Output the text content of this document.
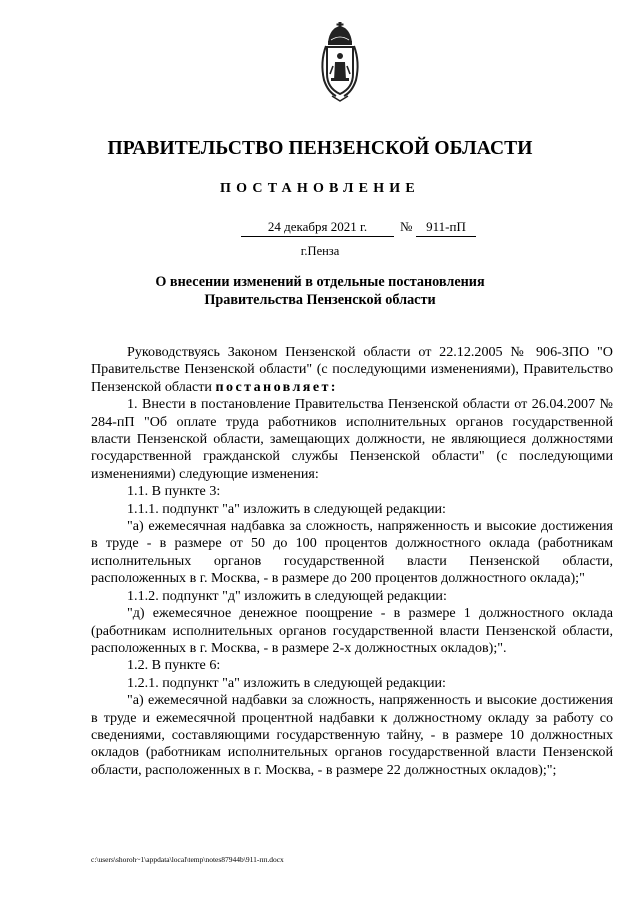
ПРАВИТЕЛЬСТВО ПЕНЗЕНСКОЙ ОБЛАСТИ
ПОСТАНОВЛЕНИЕ
24 декабря 2021 г.	№	911-пП
г.Пенза
О внесении изменений в отдельные постановления
Правительства Пензенской области

Руководствуясь Законом Пензенской области от 22.12.2005 № 906-ЗПО "О Правительстве Пензенской области" (с последующими изменениями), Правительство Пензенской области постановляет:

1. Внести в постановление Правительства Пензенской области от 26.04.2007 № 284-пП "Об оплате труда работников исполнительных органов государственной власти Пензенской области, замещающих должности, не являющиеся должностями государственной гражданской службы Пензенской области" (с последующими изменениями) следующие изменения:

1.1. В пункте 3:

1.1.1. подпункт "а" изложить в следующей редакции:

"а) ежемесячная надбавка за сложность, напряженность и высокие достижения в труде - в размере от 50 до 100 процентов должностного оклада (работникам исполнительных органов государственной власти Пензенской области, расположенных в г. Москва, - в размере до 200 процентов должностного оклада);"

1.1.2. подпункт "д" изложить в следующей редакции:

"д) ежемесячное денежное поощрение - в размере 1 должностного оклада (работникам исполнительных органов государственной власти Пензенской области, расположенных в г. Москва, - в размере 2-х должностных окладов);".

1.2. В пункте 6:

1.2.1. подпункт "а" изложить в следующей редакции:

"а) ежемесячной надбавки за сложность, напряженность и высокие достижения в труде и ежемесячной процентной надбавки к должностному окладу за работу со сведениями, составляющими государственную тайну, - в размере 10 должностных окладов (работникам исполнительных органов государственной власти Пензенской области, расположенных в г. Москва, - в размере 22 должностных окладов);";

c:\users\shoroh~1\appdata\local\temp\notes87944b\911-пп.docx
